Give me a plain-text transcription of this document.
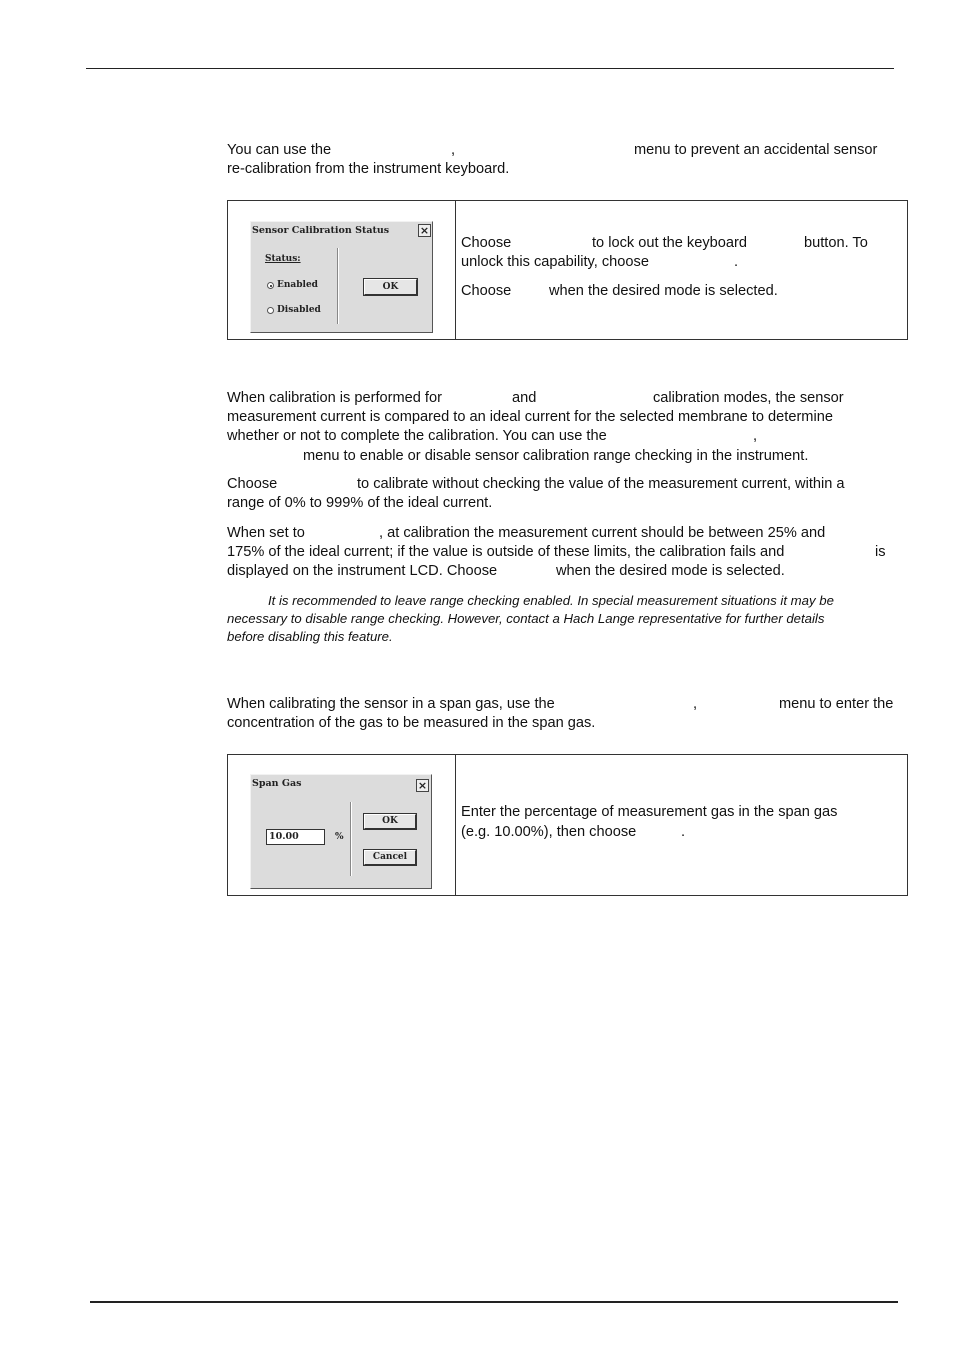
You can use the	,	menu to prevent an accidental sensor
re-calibration from the instrument keyboard.

Sensor Calibration Status	×
Status:
Enabled
Disabled
OK
Choose	to lock out the keyboard	button. To
unlock this capability, choose	.
Choose	when the desired mode is selected.

When calibration is performed for	and	calibration modes, the sensor
measurement current is compared to an ideal current for the selected membrane to determine
whether or not to complete the calibration. You can use the	,
menu to enable or disable sensor calibration range checking in the instrument.

Choose	to calibrate without checking the value of the measurement current, within a
range of 0% to 999% of the ideal current.

When set to	, at calibration the measurement current should be between 25% and
175% of the ideal current; if the value is outside of these limits, the calibration fails and	is
displayed on the instrument LCD. Choose	when the desired mode is selected.

It is recommended to leave range checking enabled. In special measurement situations it may be
necessary to disable range checking. However, contact a Hach Lange representative for further details
before disabling this feature.

When calibrating the sensor in a span gas, use the	,	menu to enter the
concentration of the gas to be measured in the span gas.

Span Gas	×
10.00	%
OK
Cancel
Enter the percentage of measurement gas in the span gas
(e.g. 10.00%), then choose	.
